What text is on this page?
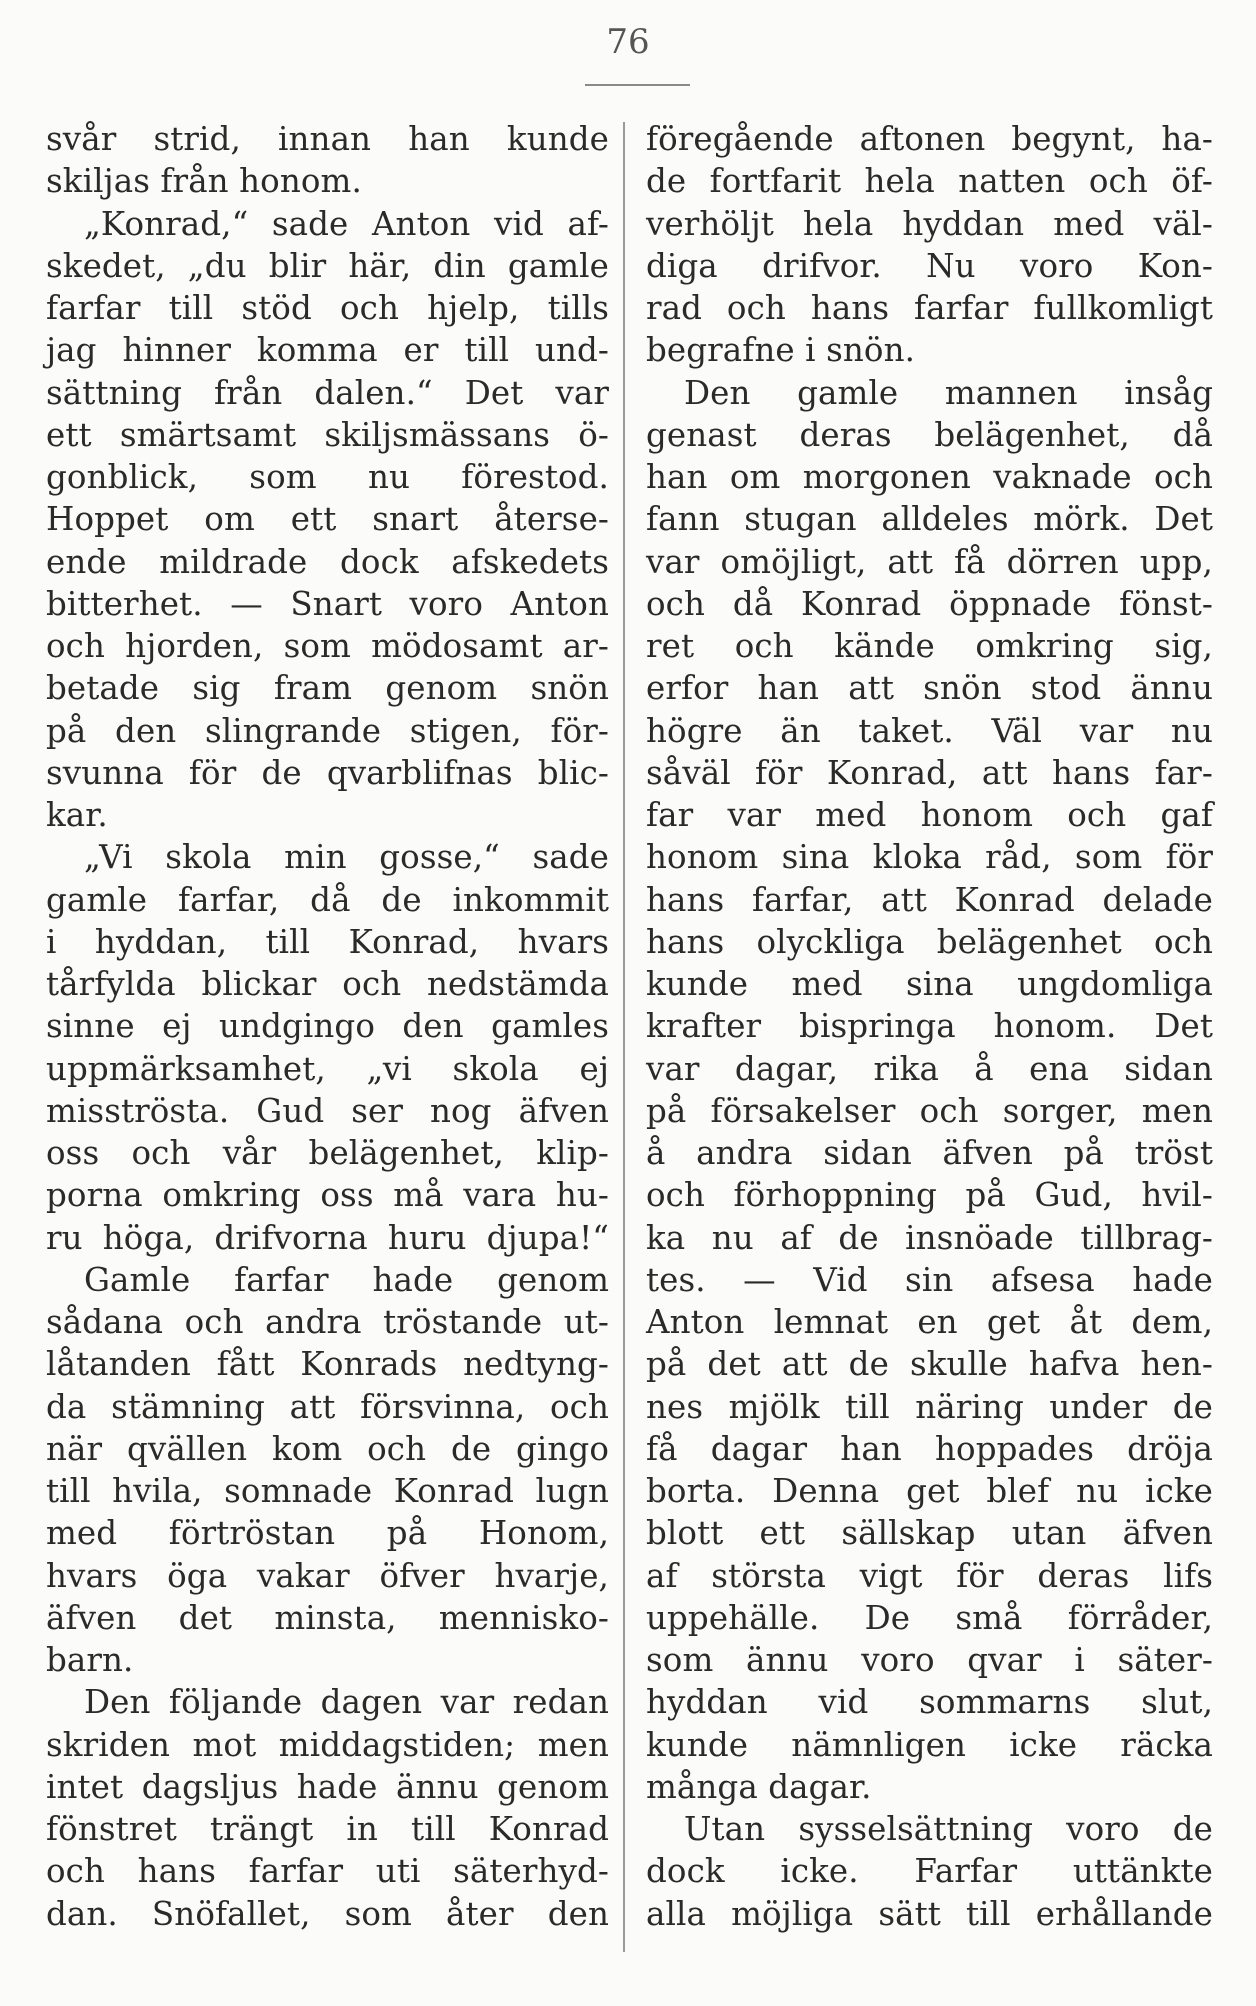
76
svår strid, innan han kunde
skiljas från honom.
„Konrad,“ sade Anton vid af-
skedet, „du blir här, din gamle
farfar till stöd och hjelp, tills
jag hinner komma er till und-
sättning från dalen.“ Det var
ett smärtsamt skiljsmässans ö-
gonblick, som nu förestod.
Hoppet om ett snart återse-
ende mildrade dock afskedets
bitterhet. — Snart voro Anton
och hjorden, som mödosamt ar-
betade sig fram genom snön
på den slingrande stigen, för-
svunna för de qvarblifnas blic-
kar.
„Vi skola min gosse,“ sade
gamle farfar, då de inkommit
i hyddan, till Konrad, hvars
tårfylda blickar och nedstämda
sinne ej undgingo den gamles
uppmärksamhet, „vi skola ej
misströsta. Gud ser nog äfven
oss och vår belägenhet, klip-
porna omkring oss må vara hu-
ru höga, drifvorna huru djupa!“
Gamle farfar hade genom
sådana och andra tröstande ut-
låtanden fått Konrads nedtyng-
da stämning att försvinna, och
när qvällen kom och de gingo
till hvila, somnade Konrad lugn
med förtröstan på Honom,
hvars öga vakar öfver hvarje,
äfven det minsta, mennisko-
barn.
Den följande dagen var redan
skriden mot middagstiden; men
intet dagsljus hade ännu genom
fönstret trängt in till Konrad
och hans farfar uti säterhyd-
dan. Snöfallet, som åter den
föregående aftonen begynt, ha-
de fortfarit hela natten och öf-
verhöljt hela hyddan med väl-
diga drifvor. Nu voro Kon-
rad och hans farfar fullkomligt
begrafne i snön.
Den gamle mannen insåg
genast deras belägenhet, då
han om morgonen vaknade och
fann stugan alldeles mörk. Det
var omöjligt, att få dörren upp,
och då Konrad öppnade fönst-
ret och kände omkring sig,
erfor han att snön stod ännu
högre än taket. Väl var nu
såväl för Konrad, att hans far-
far var med honom och gaf
honom sina kloka råd, som för
hans farfar, att Konrad delade
hans olyckliga belägenhet och
kunde med sina ungdomliga
krafter bispringa honom. Det
var dagar, rika å ena sidan
på försakelser och sorger, men
å andra sidan äfven på tröst
och förhoppning på Gud, hvil-
ka nu af de insnöade tillbrag-
tes. — Vid sin afsesa hade
Anton lemnat en get åt dem,
på det att de skulle hafva hen-
nes mjölk till näring under de
få dagar han hoppades dröja
borta. Denna get blef nu icke
blott ett sällskap utan äfven
af största vigt för deras lifs
uppehälle. De små förråder,
som ännu voro qvar i säter-
hyddan vid sommarns slut,
kunde nämnligen icke räcka
många dagar.
Utan sysselsättning voro de
dock icke. Farfar uttänkte
alla möjliga sätt till erhållande
